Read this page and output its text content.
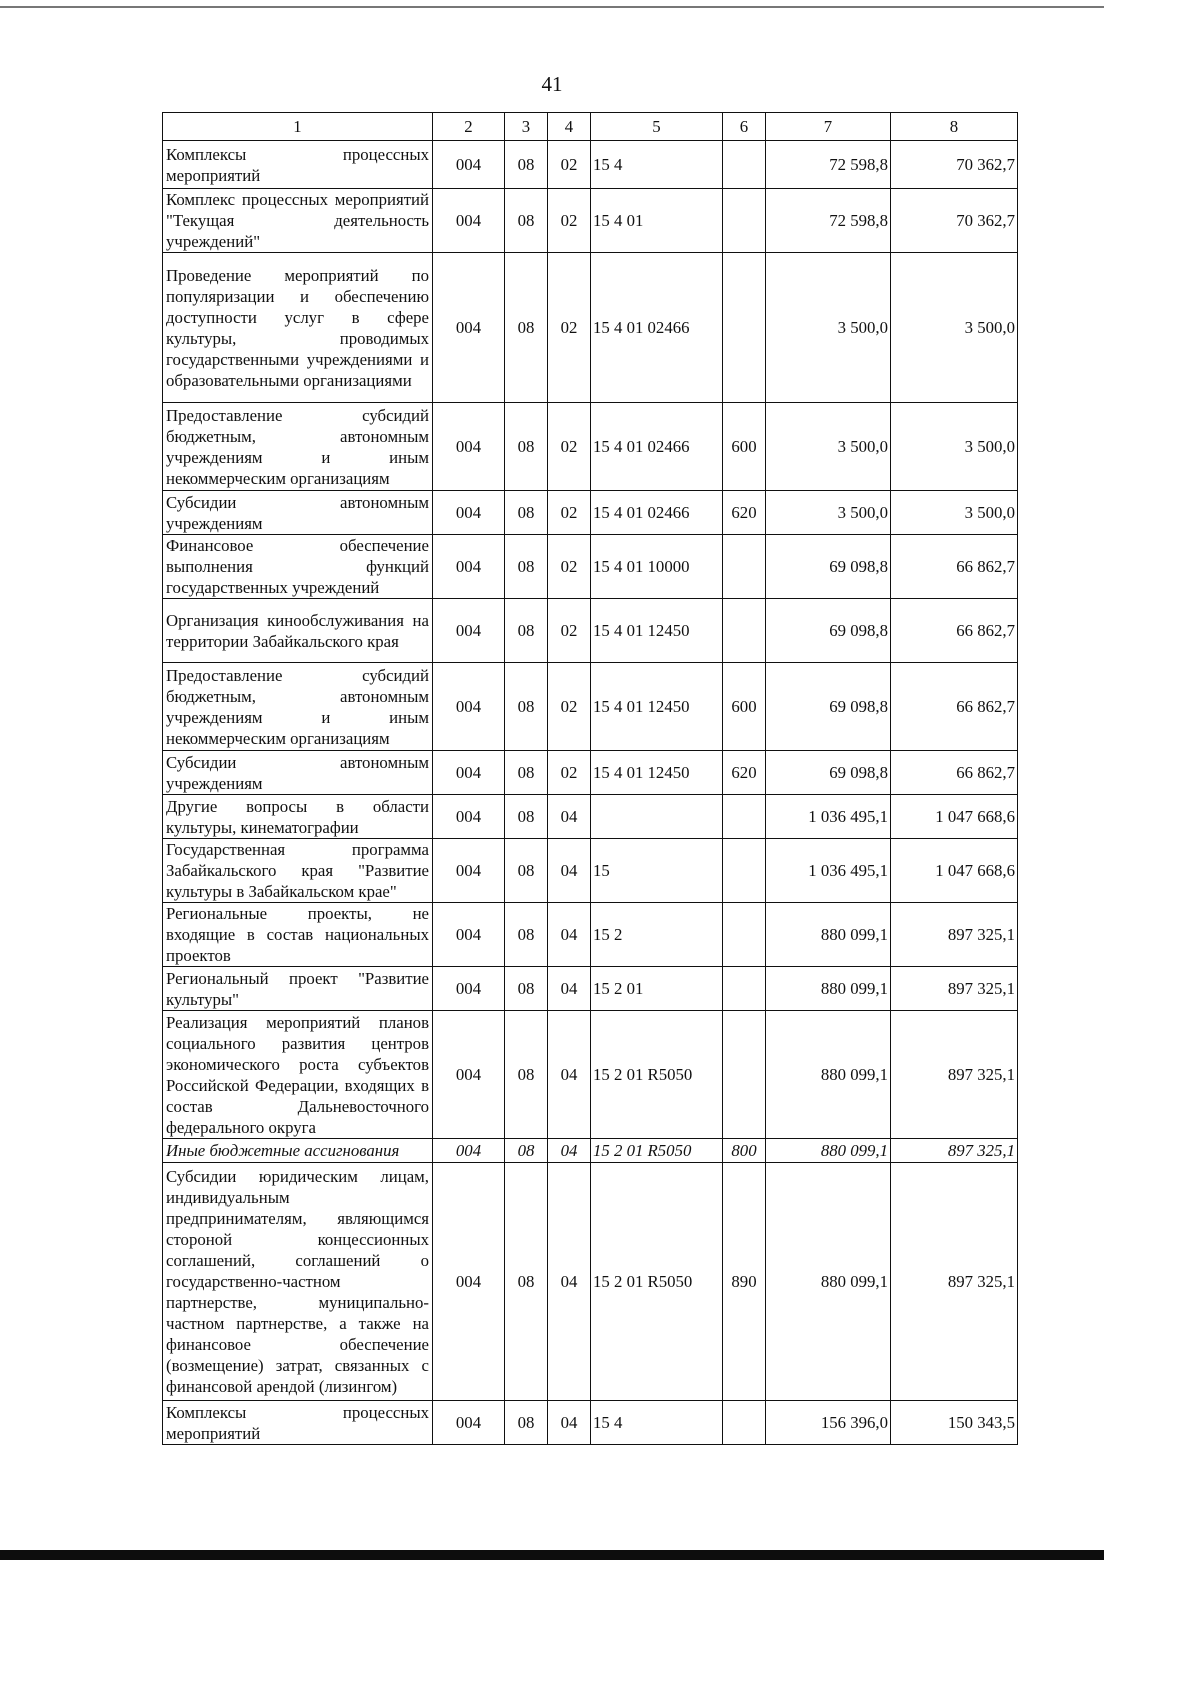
41
1	2	3	4	5	6	7	8
Комплексы процессных мероприятий	004	08	02	15 4		72 598,8	70 362,7
Комплекс процессных мероприятий "Текущая деятельность учреждений"	004	08	02	15 4 01		72 598,8	70 362,7
Проведение мероприятий по популяризации и обеспечению доступности услуг в сфере культуры, проводимых государственными учреждениями и образовательными организациями	004	08	02	15 4 01 02466		3 500,0	3 500,0
Предоставление субсидий бюджетным, автономным учреждениям и иным некоммерческим организациям	004	08	02	15 4 01 02466	600	3 500,0	3 500,0
Субсидии автономным учреждениям	004	08	02	15 4 01 02466	620	3 500,0	3 500,0
Финансовое обеспечение выполнения функций государственных учреждений	004	08	02	15 4 01 10000		69 098,8	66 862,7
Организация кинообслуживания на территории Забайкальского края	004	08	02	15 4 01 12450		69 098,8	66 862,7
Предоставление субсидий бюджетным, автономным учреждениям и иным некоммерческим организациям	004	08	02	15 4 01 12450	600	69 098,8	66 862,7
Субсидии автономным учреждениям	004	08	02	15 4 01 12450	620	69 098,8	66 862,7
Другие вопросы в области культуры, кинематографии	004	08	04			1 036 495,1	1 047 668,6
Государственная программа Забайкальского края "Развитие культуры в Забайкальском крае"	004	08	04	15		1 036 495,1	1 047 668,6
Региональные проекты, не входящие в состав национальных проектов	004	08	04	15 2		880 099,1	897 325,1
Региональный проект "Развитие культуры"	004	08	04	15 2 01		880 099,1	897 325,1
Реализация мероприятий планов социального развития центров экономического роста субъектов Российской Федерации, входящих в состав Дальневосточного федерального округа	004	08	04	15 2 01 R5050		880 099,1	897 325,1
Иные бюджетные ассигнования	004	08	04	15 2 01 R5050	800	880 099,1	897 325,1
Субсидии юридическим лицам, индивидуальным предпринимателям, являющимся стороной концессионных соглашений, соглашений о государственно-частном партнерстве, муниципально-частном партнерстве, а также на финансовое обеспечение (возмещение) затрат, связанных с финансовой арендой (лизингом)	004	08	04	15 2 01 R5050	890	880 099,1	897 325,1
Комплексы процессных мероприятий	004	08	04	15 4		156 396,0	150 343,5
